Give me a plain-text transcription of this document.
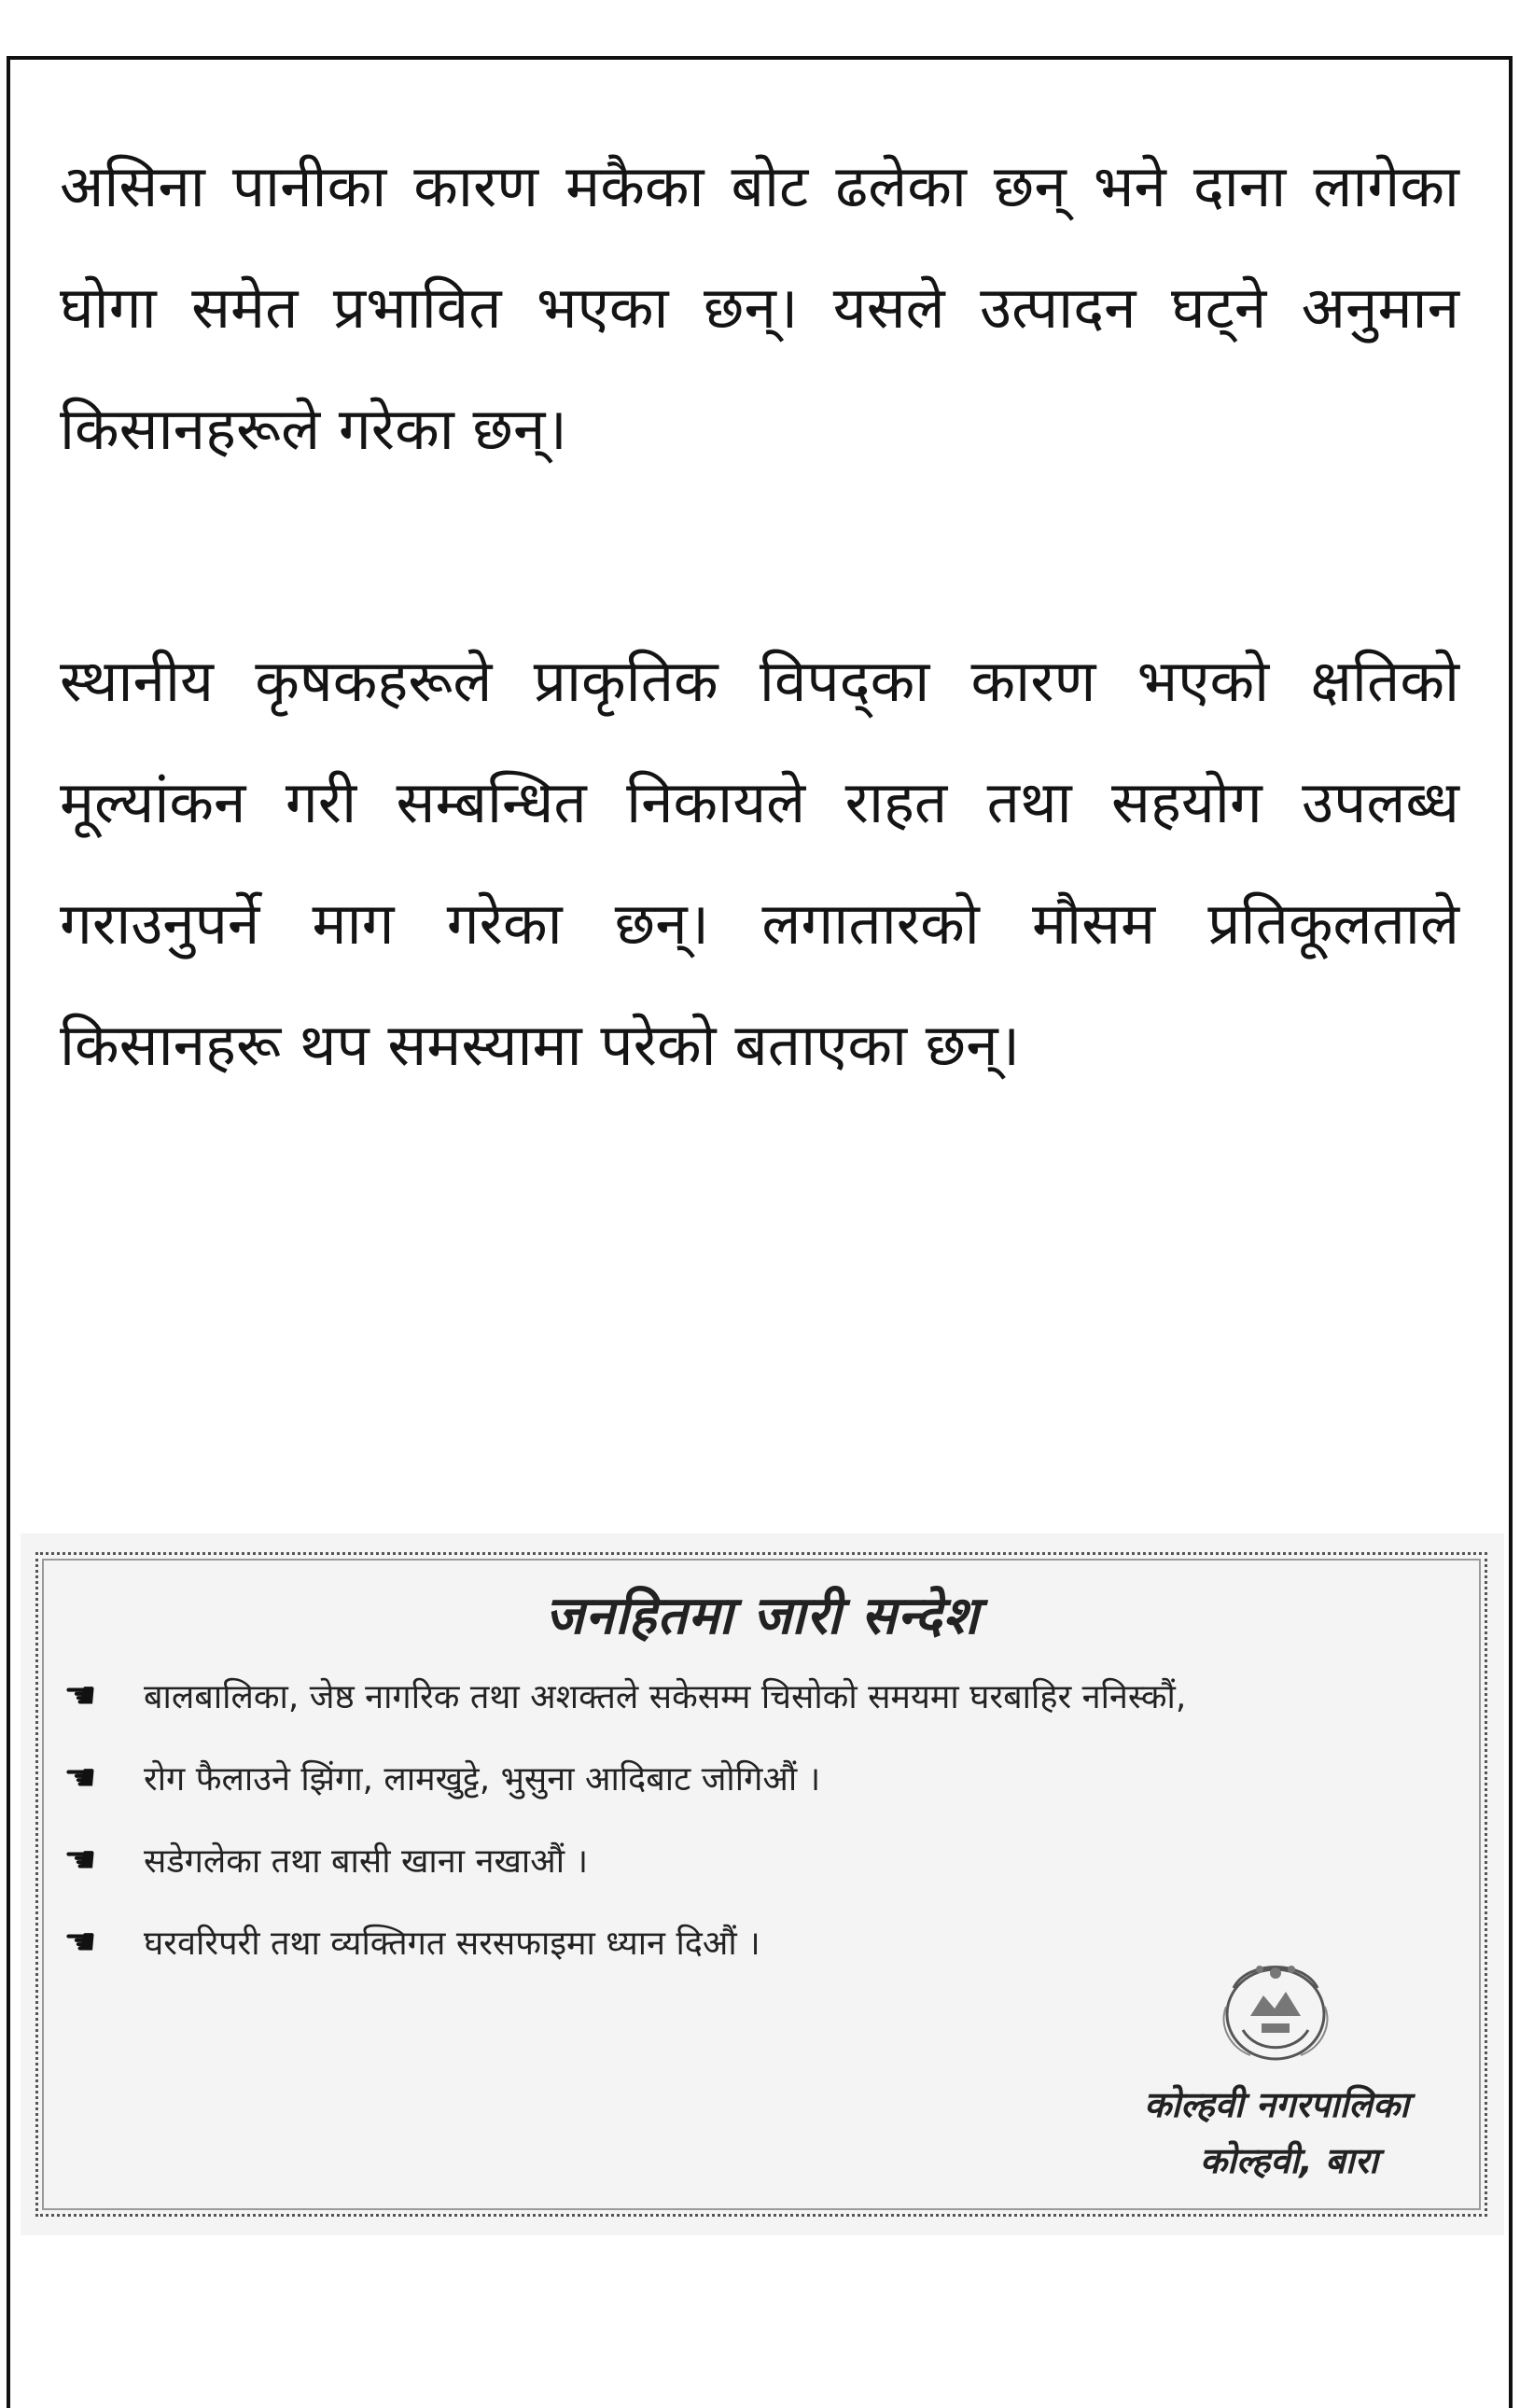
असिना पानीका कारण मकैका बोट ढलेका छन् भने दाना लागेका घोगा समेत प्रभावित भएका छन्। यसले उत्पादन घट्ने अनुमान किसानहरूले गरेका छन्।

स्थानीय कृषकहरूले प्राकृतिक विपद्का कारण भएको क्षतिको मूल्यांकन गरी सम्बन्धित निकायले राहत तथा सहयोग उपलब्ध गराउनुपर्ने माग गरेका छन्। लगातारको मौसम प्रतिकूलताले किसानहरू थप समस्यामा परेको बताएका छन्।

जनहितमा जारी सन्देश
☚ बालबालिका, जेष्ठ नागरिक तथा अशक्तले सकेसम्म चिसोको समयमा घरबाहिर ननिस्कौं,
☚ रोग फैलाउने झिंगा, लामखुट्टे, भुसुना आदिबाट जोगिऔं ।
☚ सडेगलेका तथा बासी खाना नखाऔं ।
☚ घरवरिपरी तथा व्यक्तिगत सरसफाइमा ध्यान दिऔं ।
कोल्हवी नगरपालिका
कोल्हवी, बारा
